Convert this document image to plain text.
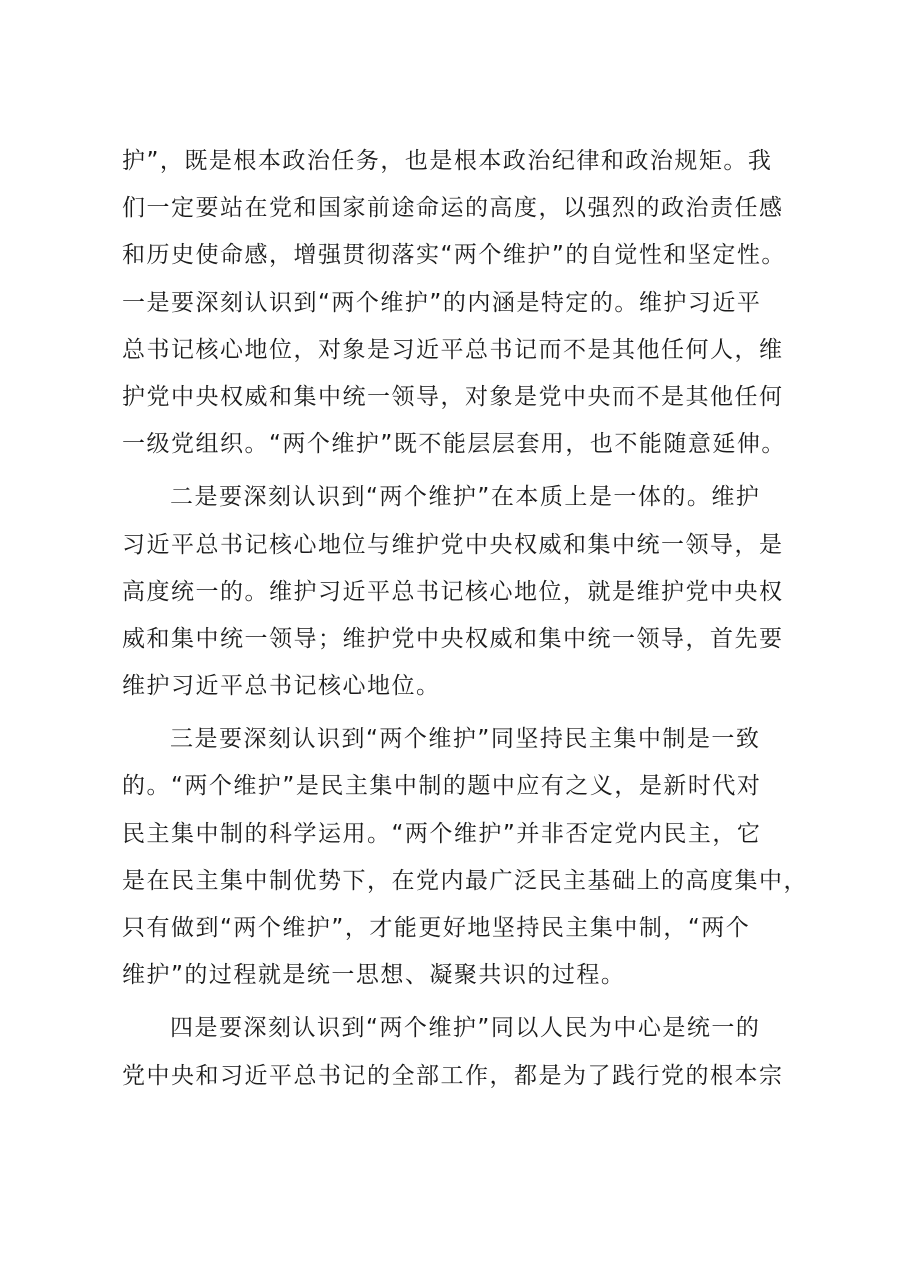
护”，既是根本政治任务，也是根本政治纪律和政治规矩。我
们一定要站在党和国家前途命运的高度，以强烈的政治责任感
和历史使命感，增强贯彻落实“两个维护”的自觉性和坚定性。
一是要深刻认识到“两个维护”的内涵是特定的。维护习近平
总书记核心地位，对象是习近平总书记而不是其他任何人，维
护党中央权威和集中统一领导，对象是党中央而不是其他任何
一级党组织。“两个维护”既不能层层套用，也不能随意延伸。
二是要深刻认识到“两个维护”在本质上是一体的。维护
习近平总书记核心地位与维护党中央权威和集中统一领导，是
高度统一的。维护习近平总书记核心地位，就是维护党中央权
威和集中统一领导；维护党中央权威和集中统一领导，首先要
维护习近平总书记核心地位。
三是要深刻认识到“两个维护”同坚持民主集中制是一致
的。“两个维护”是民主集中制的题中应有之义，是新时代对
民主集中制的科学运用。“两个维护”并非否定党内民主，它
是在民主集中制优势下，在党内最广泛民主基础上的高度集中，
只有做到“两个维护”，才能更好地坚持民主集中制，“两个
维护”的过程就是统一思想、凝聚共识的过程。
四是要深刻认识到“两个维护”同以人民为中心是统一的
党中央和习近平总书记的全部工作，都是为了践行党的根本宗
